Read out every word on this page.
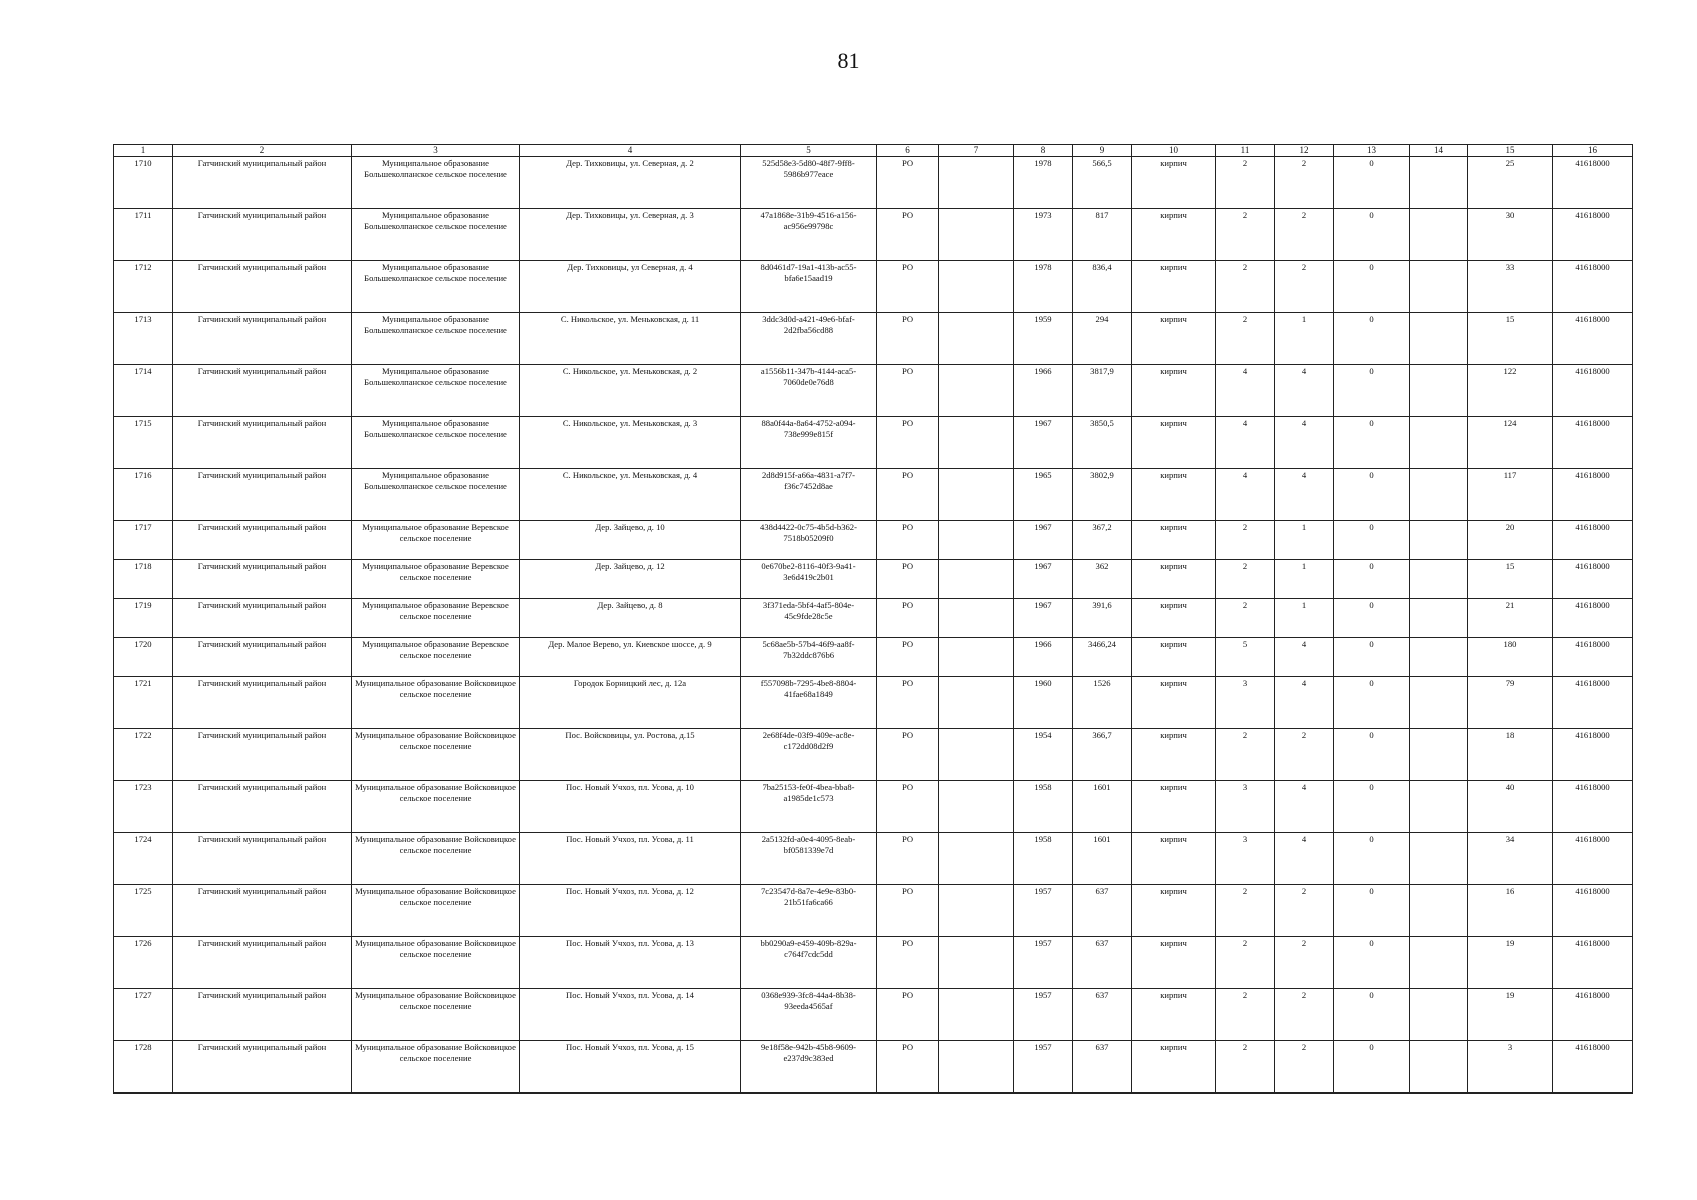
81
1	2	3	4	5	6	7	8	9	10	11	12	13	14	15	16
1710	Гатчинский муниципальный район	Муниципальное образование Большеколпанское сельское поселение	Дер. Тихковицы, ул. Северная, д. 2	525d58e3-5d80-48f7-9ff8-5986b977eace	РО		1978	566,5	кирпич	2	2	0		25	41618000
1711	Гатчинский муниципальный район	Муниципальное образование Большеколпанское сельское поселение	Дер. Тихковицы, ул. Северная, д. 3	47a1868e-31b9-4516-a156-ac956e99798c	РО		1973	817	кирпич	2	2	0		30	41618000
1712	Гатчинский муниципальный район	Муниципальное образование Большеколпанское сельское поселение	Дер. Тихковицы, ул Северная, д. 4	8d0461d7-19a1-413b-ac55-bfa6e15aad19	РО		1978	836,4	кирпич	2	2	0		33	41618000
1713	Гатчинский муниципальный район	Муниципальное образование Большеколпанское сельское поселение	С. Никольское, ул. Меньковская, д. 11	3ddc3d0d-a421-49e6-bfaf-2d2fba56cd88	РО		1959	294	кирпич	2	1	0		15	41618000
1714	Гатчинский муниципальный район	Муниципальное образование Большеколпанское сельское поселение	С. Никольское, ул. Меньковская, д. 2	a1556b11-347b-4144-aca5-7060de0e76d8	РО		1966	3817,9	кирпич	4	4	0		122	41618000
1715	Гатчинский муниципальный район	Муниципальное образование Большеколпанское сельское поселение	С. Никольское, ул. Меньковская, д. 3	88a0f44a-8a64-4752-a094-738e999e815f	РО		1967	3850,5	кирпич	4	4	0		124	41618000
1716	Гатчинский муниципальный район	Муниципальное образование Большеколпанское сельское поселение	С. Никольское, ул. Меньковская, д. 4	2d8d915f-a66a-4831-a7f7-f36c7452d8ae	РО		1965	3802,9	кирпич	4	4	0		117	41618000
1717	Гатчинский муниципальный район	Муниципальное образование Веревское сельское поселение	Дер. Зайцево, д. 10	438d4422-0c75-4b5d-b362-7518b05209f0	РО		1967	367,2	кирпич	2	1	0		20	41618000
1718	Гатчинский муниципальный район	Муниципальное образование Веревское сельское поселение	Дер. Зайцево, д. 12	0e670be2-8116-40f3-9a41-3e6d419c2b01	РО		1967	362	кирпич	2	1	0		15	41618000
1719	Гатчинский муниципальный район	Муниципальное образование Веревское сельское поселение	Дер. Зайцево, д. 8	3f371eda-5bf4-4af5-804e-45c9fde28c5e	РО		1967	391,6	кирпич	2	1	0		21	41618000
1720	Гатчинский муниципальный район	Муниципальное образование Веревское сельское поселение	Дер. Малое Верево, ул. Киевское шоссе, д. 9	5c68ae5b-57b4-46f9-aa8f-7b32ddc876b6	РО		1966	3466,24	кирпич	5	4	0		180	41618000
1721	Гатчинский муниципальный район	Муниципальное образование Войсковицкое сельское поселение	Городок Борницкий лес, д. 12а	f557098b-7295-4be8-8804-41fae68a1849	РО		1960	1526	кирпич	3	4	0		79	41618000
1722	Гатчинский муниципальный район	Муниципальное образование Войсковицкое сельское поселение	Пос. Войсковицы, ул. Ростова, д.15	2e68f4de-03f9-409e-ac8e-c172dd08d2f9	РО		1954	366,7	кирпич	2	2	0		18	41618000
1723	Гатчинский муниципальный район	Муниципальное образование Войсковицкое сельское поселение	Пос. Новый Учхоз, пл. Усова, д. 10	7ba25153-fe0f-4bea-bba8-a1985de1c573	РО		1958	1601	кирпич	3	4	0		40	41618000
1724	Гатчинский муниципальный район	Муниципальное образование Войсковицкое сельское поселение	Пос. Новый Учхоз, пл. Усова, д. 11	2a5132fd-a0e4-4095-8eab-bf0581339e7d	РО		1958	1601	кирпич	3	4	0		34	41618000
1725	Гатчинский муниципальный район	Муниципальное образование Войсковицкое сельское поселение	Пос. Новый Учхоз, пл. Усова, д. 12	7c23547d-8a7e-4e9e-83b0-21b51fa6ca66	РО		1957	637	кирпич	2	2	0		16	41618000
1726	Гатчинский муниципальный район	Муниципальное образование Войсковицкое сельское поселение	Пос. Новый Учхоз, пл. Усова, д. 13	bb0290a9-e459-409b-829a-c764f7cdc5dd	РО		1957	637	кирпич	2	2	0		19	41618000
1727	Гатчинский муниципальный район	Муниципальное образование Войсковицкое сельское поселение	Пос. Новый Учхоз, пл. Усова, д. 14	0368e939-3fc8-44a4-8b38-93eeda4565af	РО		1957	637	кирпич	2	2	0		19	41618000
1728	Гатчинский муниципальный район	Муниципальное образование Войсковицкое сельское поселение	Пос. Новый Учхоз, пл. Усова, д. 15	9e18f58e-942b-45b8-9609-e237d9c383ed	РО		1957	637	кирпич	2	2	0		3	41618000
